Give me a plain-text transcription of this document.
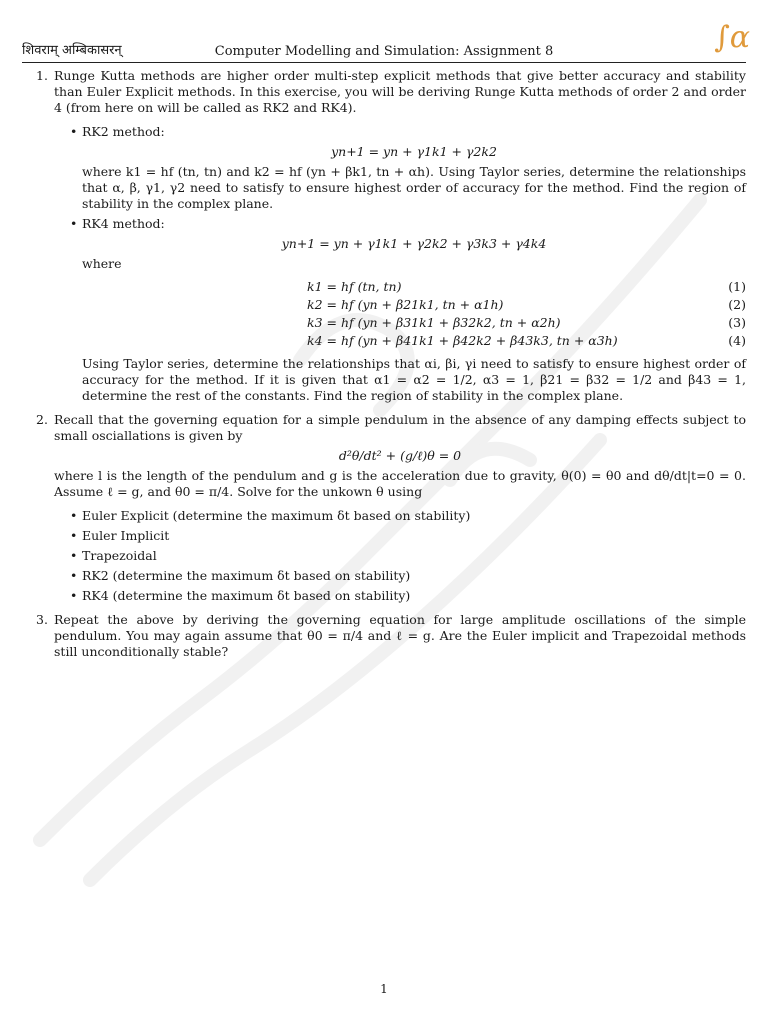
शिवराम् अम्बिकासरन्	Computer Modelling and Simulation: Assignment 8	∫α
1. Runge Kutta methods are higher order multi-step explicit methods that give better accuracy and stability than Euler Explicit methods. In this exercise, you will be deriving Runge Kutta methods of order 2 and order 4 (from here on will be called as RK2 and RK4).

• RK2 method:
yn+1 = yn + γ1k1 + γ2k2

where k1 = hf (tn, tn) and k2 = hf (yn + βk1, tn + αh). Using Taylor series, determine the relationships that α, β, γ1, γ2 need to satisfy to ensure highest order of accuracy for the method. Find the region of stability in the complex plane.

• RK4 method:
yn+1 = yn + γ1k1 + γ2k2 + γ3k3 + γ4k4

where

k1 = hf (tn, tn)	(1)
k2 = hf (yn + β21k1, tn + α1h)	(2)
k3 = hf (yn + β31k1 + β32k2, tn + α2h)	(3)
k4 = hf (yn + β41k1 + β42k2 + β43k3, tn + α3h)	(4)

Using Taylor series, determine the relationships that αi, βi, γi need to satisfy to ensure highest order of accuracy for the method. If it is given that α1 = α2 = 1/2, α3 = 1, β21 = β32 = 1/2 and β43 = 1, determine the rest of the constants. Find the region of stability in the complex plane.

2. Recall that the governing equation for a simple pendulum in the absence of any damping effects subject to small osciallations is given by

d²θ/dt² + (g/ℓ)θ = 0

where l is the length of the pendulum and g is the acceleration due to gravity, θ(0) = θ0 and dθ/dt|t=0 = 0. Assume ℓ = g, and θ0 = π/4. Solve for the unkown θ using

• Euler Explicit (determine the maximum δt based on stability)
• Euler Implicit
• Trapezoidal
• RK2 (determine the maximum δt based on stability)
• RK4 (determine the maximum δt based on stability)
3. Repeat the above by deriving the governing equation for large amplitude oscillations of the simple pendulum. You may again assume that θ0 = π/4 and ℓ = g. Are the Euler implicit and Trapezoidal methods still unconditionally stable?

1
